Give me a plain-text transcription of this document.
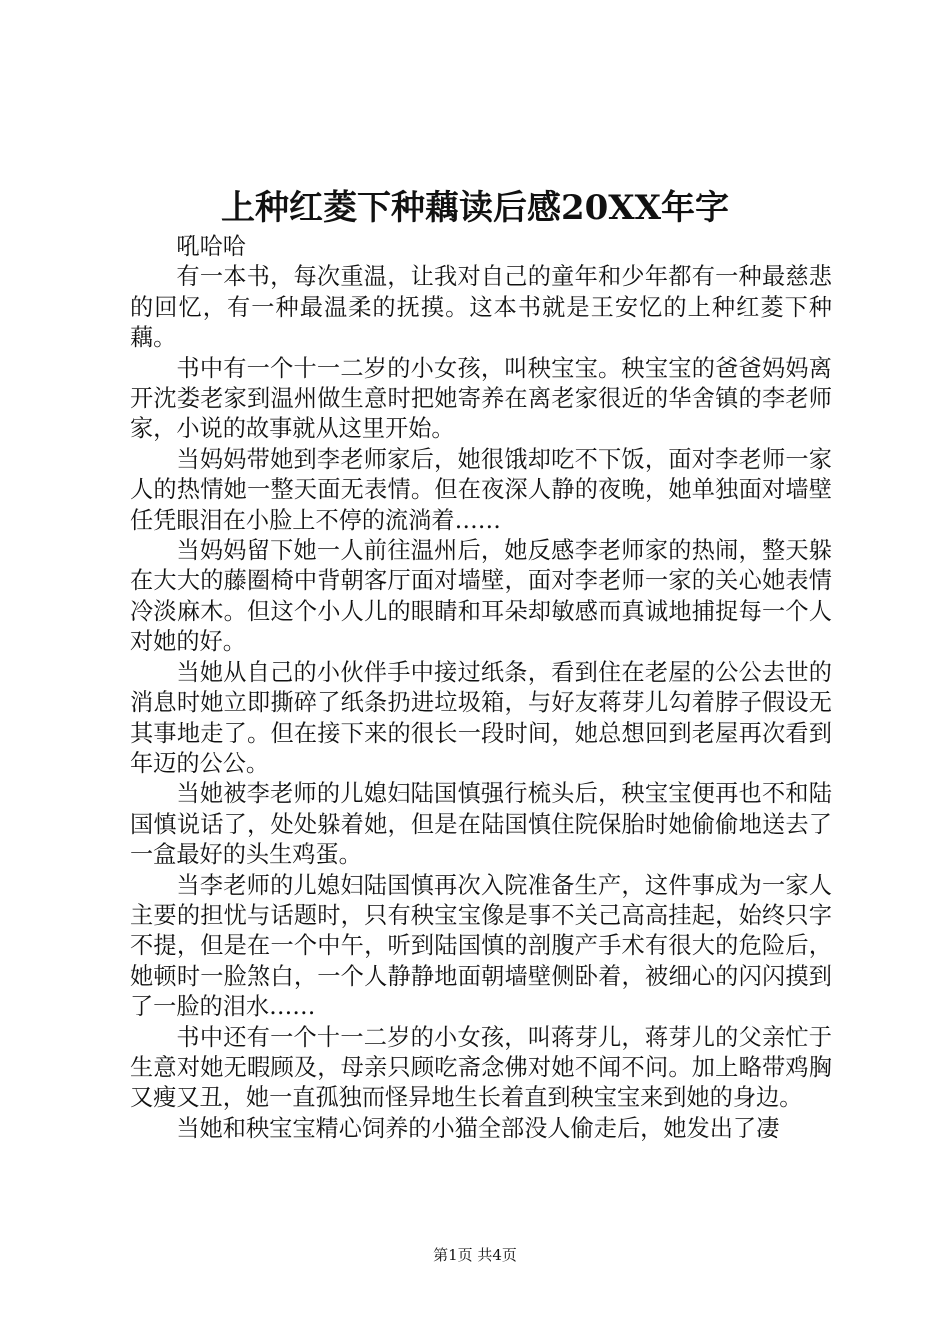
上种红菱下种藕读后感20XX年字

吼哈哈

有一本书，每次重温，让我对自己的童年和少年都有一种最慈悲的回忆，有一种最温柔的抚摸。这本书就是王安忆的上种红菱下种藕。

书中有一个十一二岁的小女孩，叫秧宝宝。秧宝宝的爸爸妈妈离开沈娄老家到温州做生意时把她寄养在离老家很近的华舍镇的李老师家，小说的故事就从这里开始。

当妈妈带她到李老师家后，她很饿却吃不下饭，面对李老师一家人的热情她一整天面无表情。但在夜深人静的夜晚，她单独面对墙壁任凭眼泪在小脸上不停的流淌着……

当妈妈留下她一人前往温州后，她反感李老师家的热闹，整天躲在大大的藤圈椅中背朝客厅面对墙壁，面对李老师一家的关心她表情冷淡麻木。但这个小人儿的眼睛和耳朵却敏感而真诚地捕捉每一个人对她的好。

当她从自己的小伙伴手中接过纸条，看到住在老屋的公公去世的消息时她立即撕碎了纸条扔进垃圾箱，与好友蒋芽儿勾着脖子假设无其事地走了。但在接下来的很长一段时间，她总想回到老屋再次看到年迈的公公。

当她被李老师的儿媳妇陆国慎强行梳头后，秧宝宝便再也不和陆国慎说话了，处处躲着她，但是在陆国慎住院保胎时她偷偷地送去了一盒最好的头生鸡蛋。

当李老师的儿媳妇陆国慎再次入院准备生产，这件事成为一家人主要的担忧与话题时，只有秧宝宝像是事不关己高高挂起，始终只字不提，但是在一个中午，听到陆国慎的剖腹产手术有很大的危险后，她顿时一脸煞白，一个人静静地面朝墙壁侧卧着，被细心的闪闪摸到了一脸的泪水……

书中还有一个十一二岁的小女孩，叫蒋芽儿，蒋芽儿的父亲忙于生意对她无暇顾及，母亲只顾吃斋念佛对她不闻不问。加上略带鸡胸又瘦又丑，她一直孤独而怪异地生长着直到秧宝宝来到她的身边。

当她和秧宝宝精心饲养的小猫全部没人偷走后，她发出了凄

第1页 共4页
